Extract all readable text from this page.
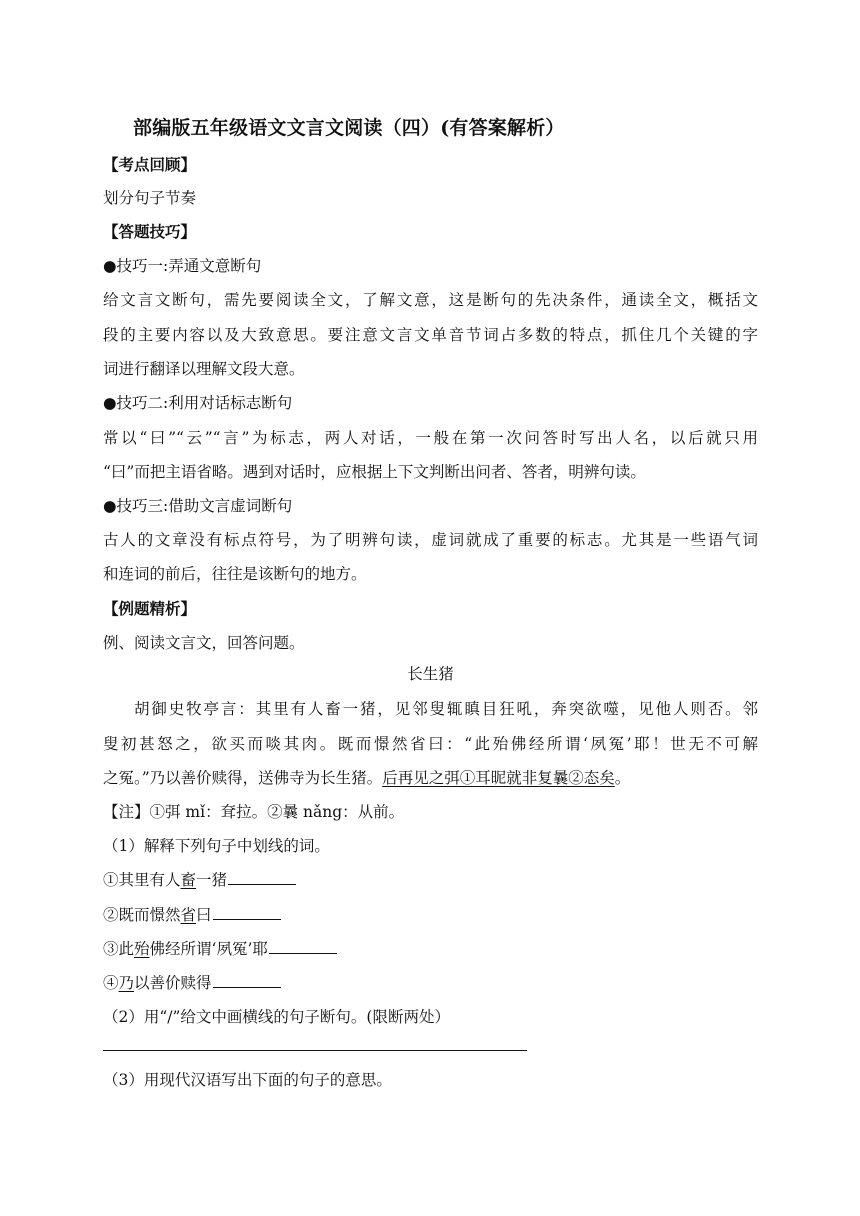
部编版五年级语文文言文阅读（四）(有答案解析）
【考点回顾】
划分句子节奏
【答题技巧】
●技巧一:弄通文意断句
给文言文断句，需先要阅读全文，了解文意，这是断句的先决条件，通读全文，概括文
段的主要内容以及大致意思。要注意文言文单音节词占多数的特点，抓住几个关键的字
词进行翻译以理解文段大意。
●技巧二:利用对话标志断句
常以“曰”“云”“言”为标志，两人对话，一般在第一次问答时写出人名，以后就只用
“曰”而把主语省略。遇到对话时，应根据上下文判断出问者、答者，明辨句读。
●技巧三:借助文言虚词断句
古人的文章没有标点符号，为了明辨句读，虚词就成了重要的标志。尤其是一些语气词
和连词的前后，往往是该断句的地方。
【例题精析】
例、阅读文言文，回答问题。
长生猪
胡御史牧亭言：其里有人畜一猪，见邻叟辄瞋目狂吼，奔突欲噬，见他人则否。邻
叟初甚怒之，欲买而啖其肉。既而憬然省曰：“此殆佛经所谓‘夙冤’耶！世无不可解
之冤。”乃以善价赎得，送佛寺为长生猪。后再见之弭①耳昵就非复曩②态矣。
【注】①弭 mǐ：耷拉。②曩 nǎng：从前。
（1）解释下列句子中划线的词。
①其里有人畜一猪
②既而憬然省曰
③此殆佛经所谓‘夙冤’耶
④乃以善价赎得
（2）用“/”给文中画横线的句子断句。(限断两处）
（3）用现代汉语写出下面的句子的意思。
